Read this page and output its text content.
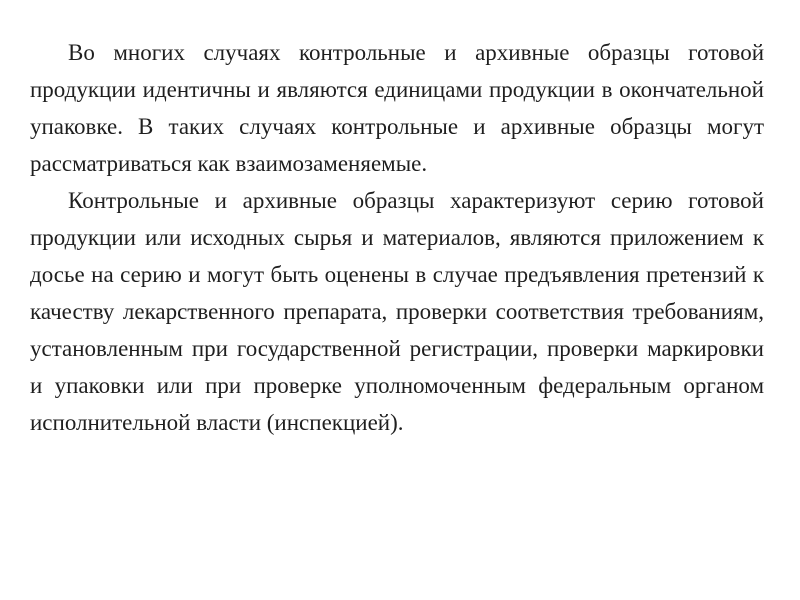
Во многих случаях контрольные и архивные образцы готовой продукции идентичны и являются единицами продукции в окончательной упаковке. В таких случаях контрольные и архивные образцы могут рассматриваться как взаимозаменяемые.

Контрольные и архивные образцы характеризуют серию готовой продукции или исходных сырья и материалов, являются приложением к досье на серию и могут быть оценены в случае предъявления претензий к качеству лекарственного препарата, проверки соответствия требованиям, установленным при государственной регистрации, проверки маркировки и упаковки или при проверке уполномоченным федеральным органом исполнительной власти (инспекцией).
